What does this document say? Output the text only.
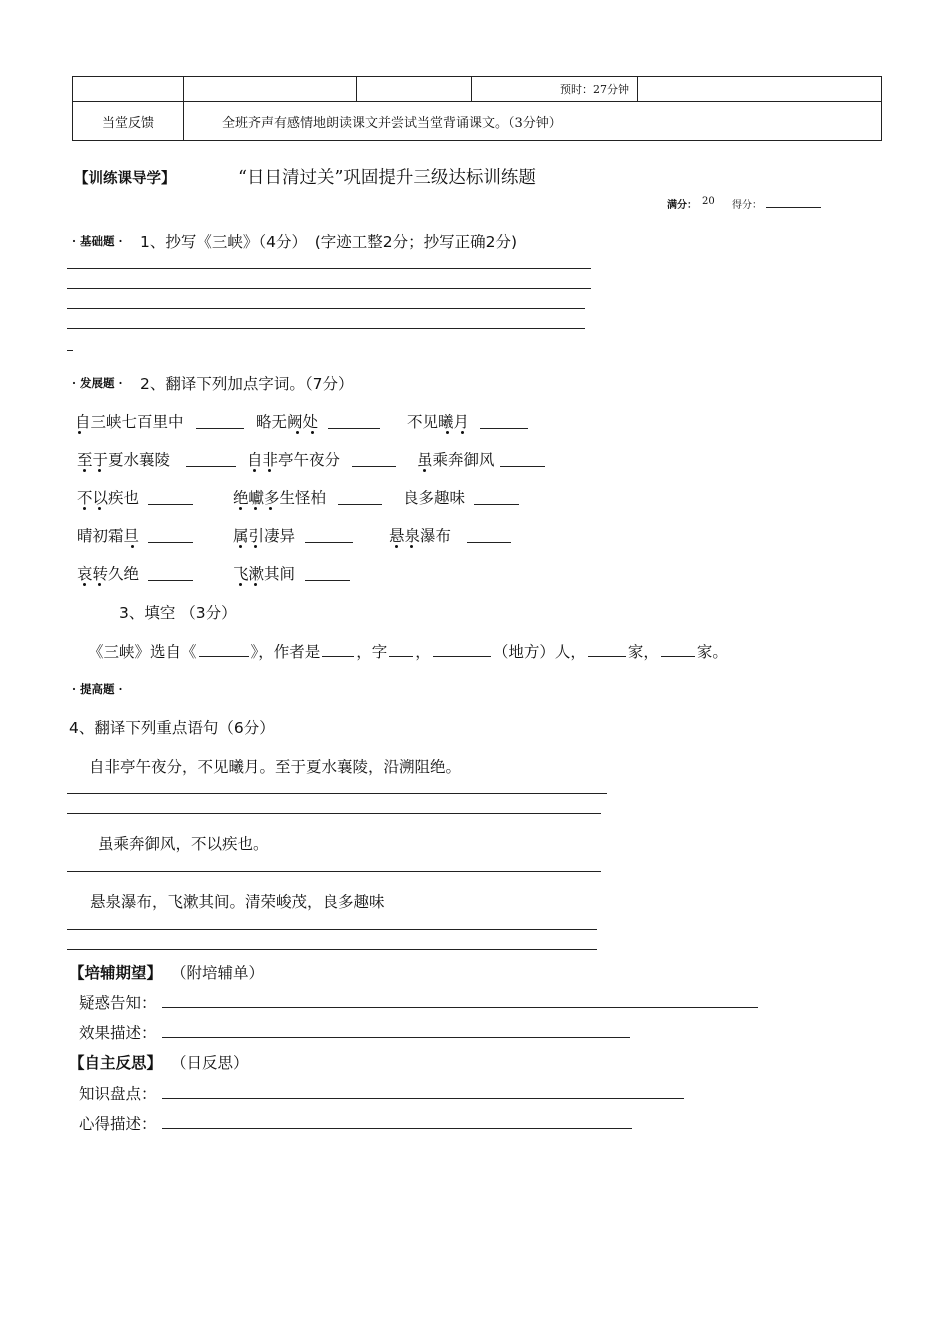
			预时：27分钟	
当堂反馈	全班齐声有感情地朗读课文并尝试当堂背诵课文。（3分钟）			
【训练课导学】	“日日清过关”巩固提升三级达标训练题
满分： 20 得分：
· 基础题 · 1、抄写《三峡》（4分）　(字迹工整2分；抄写正确2分)
· 发展题 · 2、翻译下列加点字词。（7分）
自三峡七百里中	略无阙处	不见曦月
至于夏水襄陵	自非亭午夜分	虽乘奔御风
不以疾也	绝巘多生怪柏	良多趣味
晴初霜旦	属引凄异	悬泉瀑布
哀转久绝	飞漱其间
3、填空 （3分）
《三峡》选自《	》，作者是 ，字 ，	（地方）人，	家， 家。
· 提高题 ·
4、翻译下列重点语句（6分）
自非亭午夜分，不见曦月。至于夏水襄陵，沿溯阻绝。
虽乘奔御风，不以疾也。
悬泉瀑布，飞漱其间。清荣峻茂，良多趣味
【培辅期望】 （附培辅单）
疑惑告知：
效果描述：
【自主反思】 （日反思）
知识盘点：
心得描述：
